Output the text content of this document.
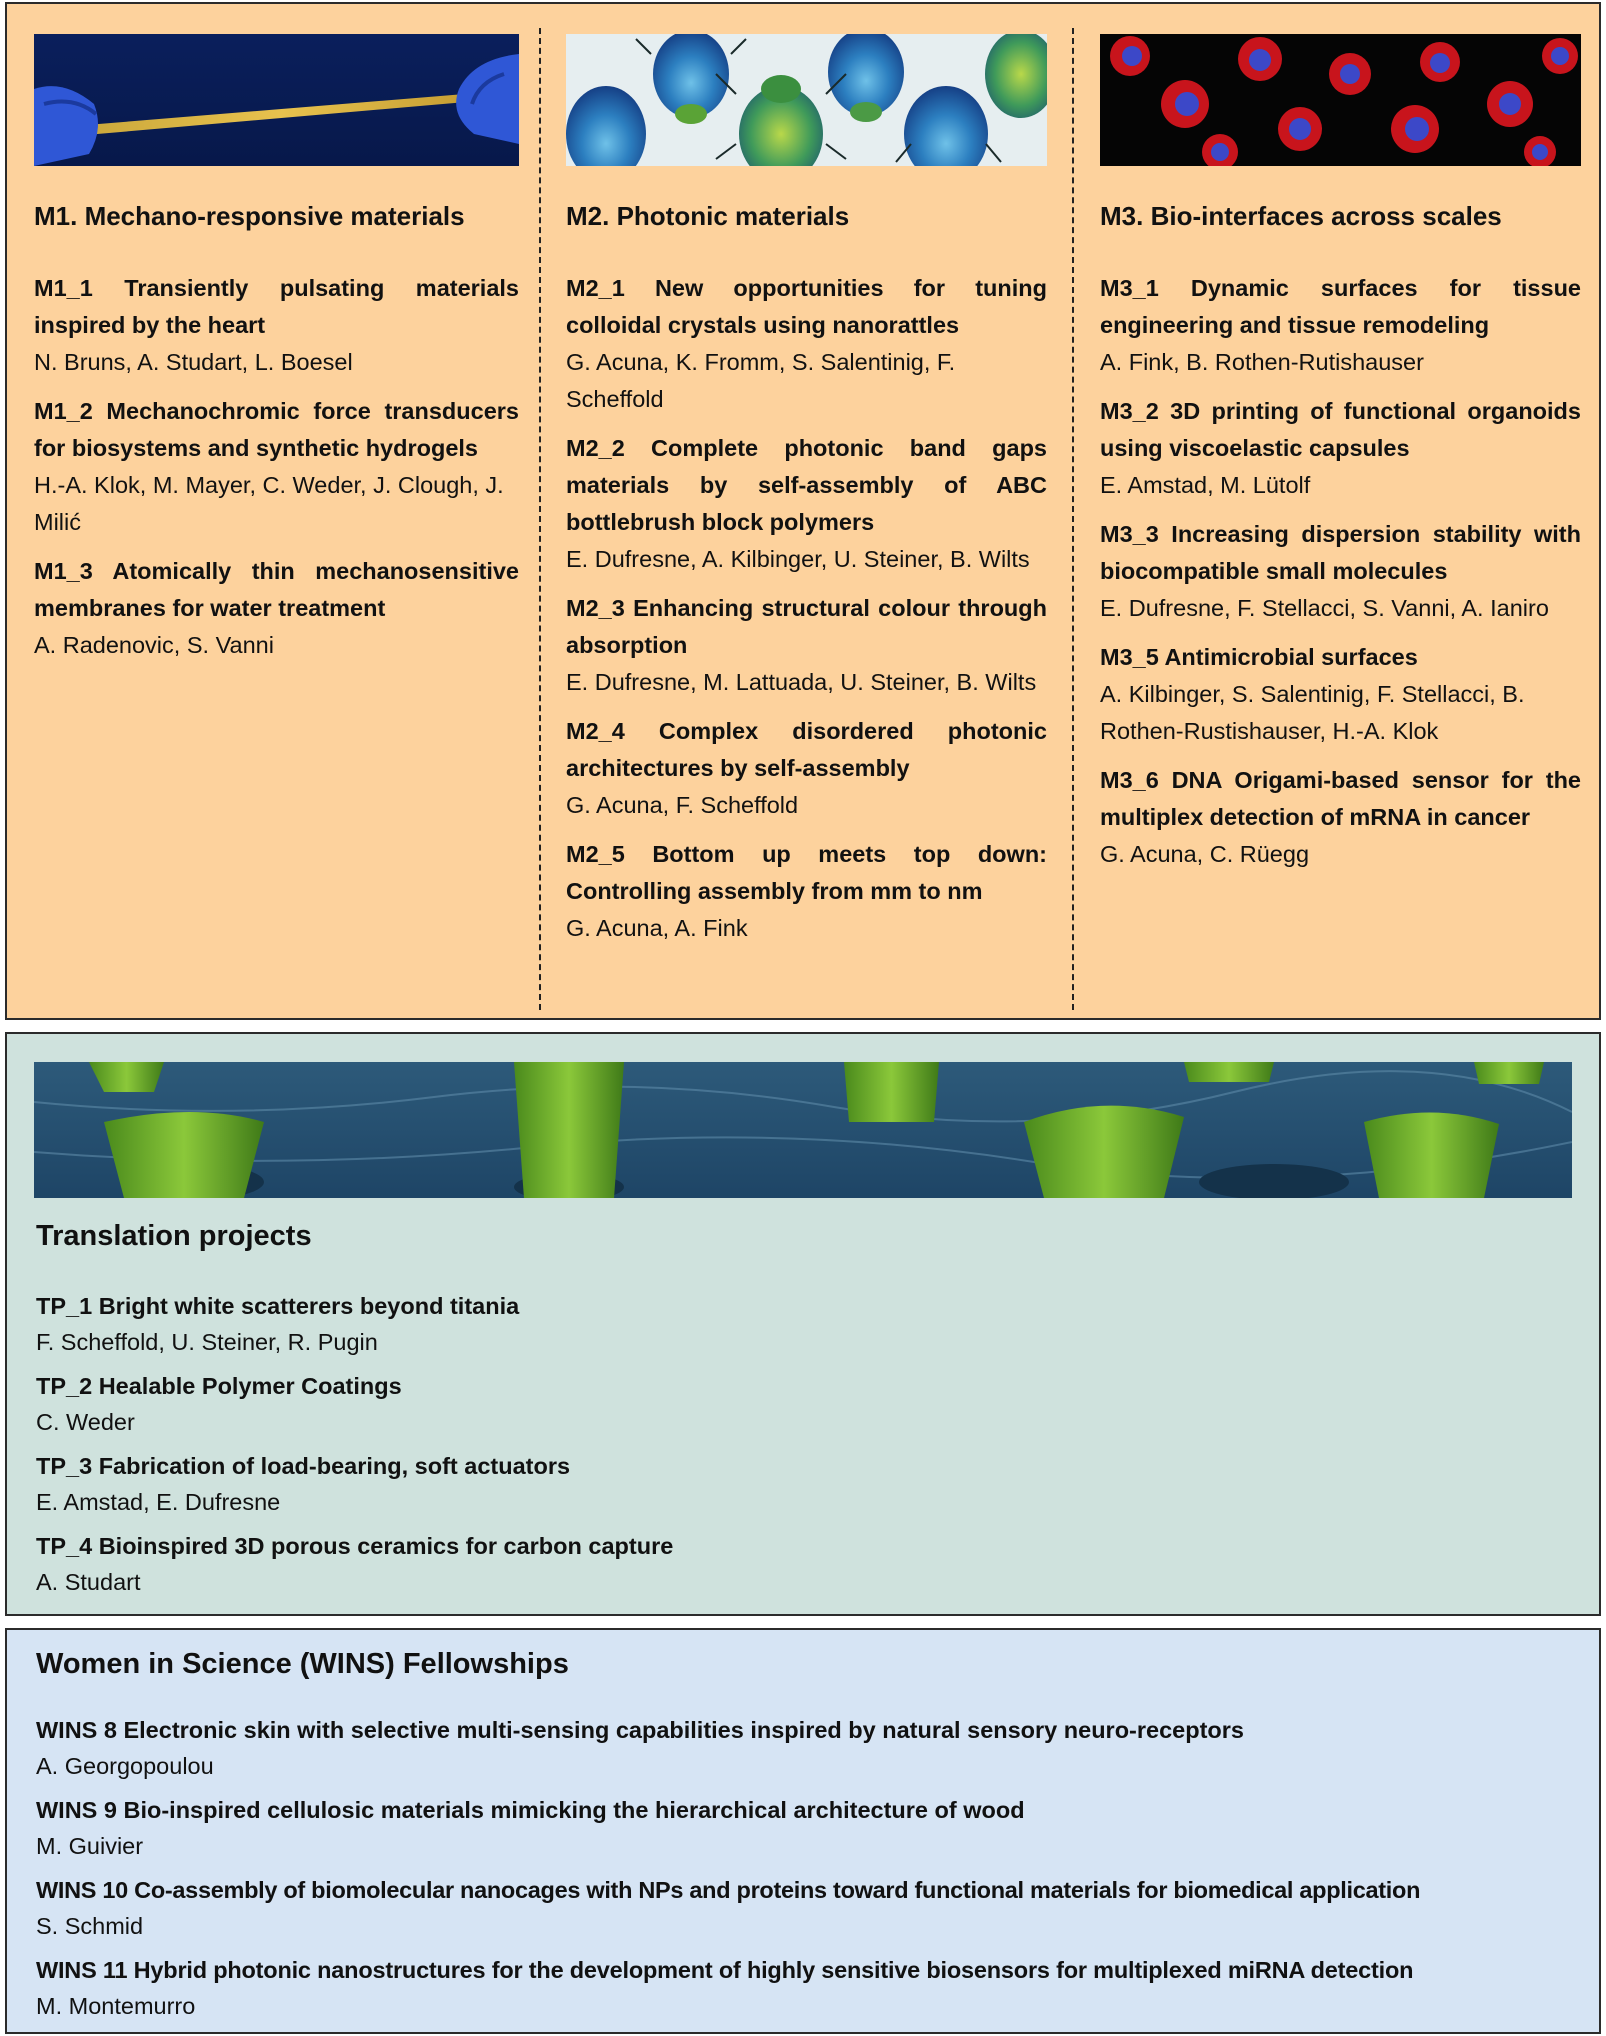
M1. Mechano-responsive materials
M1_1 Transiently pulsating materials inspired by the heart
N. Bruns, A. Studart, L. Boesel
M1_2 Mechanochromic force transducers for biosystems and synthetic hydrogels
H.-A. Klok, M. Mayer, C. Weder, J. Clough, J. Milić
M1_3 Atomically thin mechanosensitive membranes for water treatment
A. Radenovic, S. Vanni
M2. Photonic materials
M2_1 New opportunities for tuning colloidal crystals using nanorattles
G. Acuna, K. Fromm, S. Salentinig, F. Scheffold
M2_2 Complete photonic band gaps materials by self-assembly of ABC bottlebrush block polymers
E. Dufresne, A. Kilbinger, U. Steiner, B. Wilts
M2_3 Enhancing structural colour through absorption
E. Dufresne, M. Lattuada, U. Steiner, B. Wilts
M2_4 Complex disordered photonic architectures by self-assembly
G. Acuna, F. Scheffold
M2_5 Bottom up meets top down: Controlling assembly from mm to nm
G. Acuna, A. Fink
M3. Bio-interfaces across scales
M3_1 Dynamic surfaces for tissue engineering and tissue remodeling
A. Fink, B. Rothen-Rutishauser
M3_2 3D printing of functional organoids using viscoelastic capsules
E. Amstad, M. Lütolf
M3_3 Increasing dispersion stability with biocompatible small molecules
E. Dufresne, F. Stellacci, S. Vanni, A. Ianiro
M3_5 Antimicrobial surfaces
A. Kilbinger, S. Salentinig, F. Stellacci, B. Rothen-Rustishauser, H.-A. Klok
M3_6 DNA Origami-based sensor for the multiplex detection of mRNA in cancer
G. Acuna, C. Rüegg
Translation projects
TP_1 Bright white scatterers beyond titania
F. Scheffold, U. Steiner, R. Pugin
TP_2 Healable Polymer Coatings
C. Weder
TP_3 Fabrication of load-bearing, soft actuators
E. Amstad, E. Dufresne
TP_4 Bioinspired 3D porous ceramics for carbon capture
A. Studart
Women in Science (WINS) Fellowships
WINS 8 Electronic skin with selective multi-sensing capabilities inspired by natural sensory neuro-receptors
A. Georgopoulou
WINS 9 Bio-inspired cellulosic materials mimicking the hierarchical architecture of wood
M. Guivier
WINS 10 Co-assembly of biomolecular nanocages with NPs and proteins toward functional materials for biomedical application
S. Schmid
WINS 11 Hybrid photonic nanostructures for the development of highly sensitive biosensors for multiplexed miRNA detection
M. Montemurro
